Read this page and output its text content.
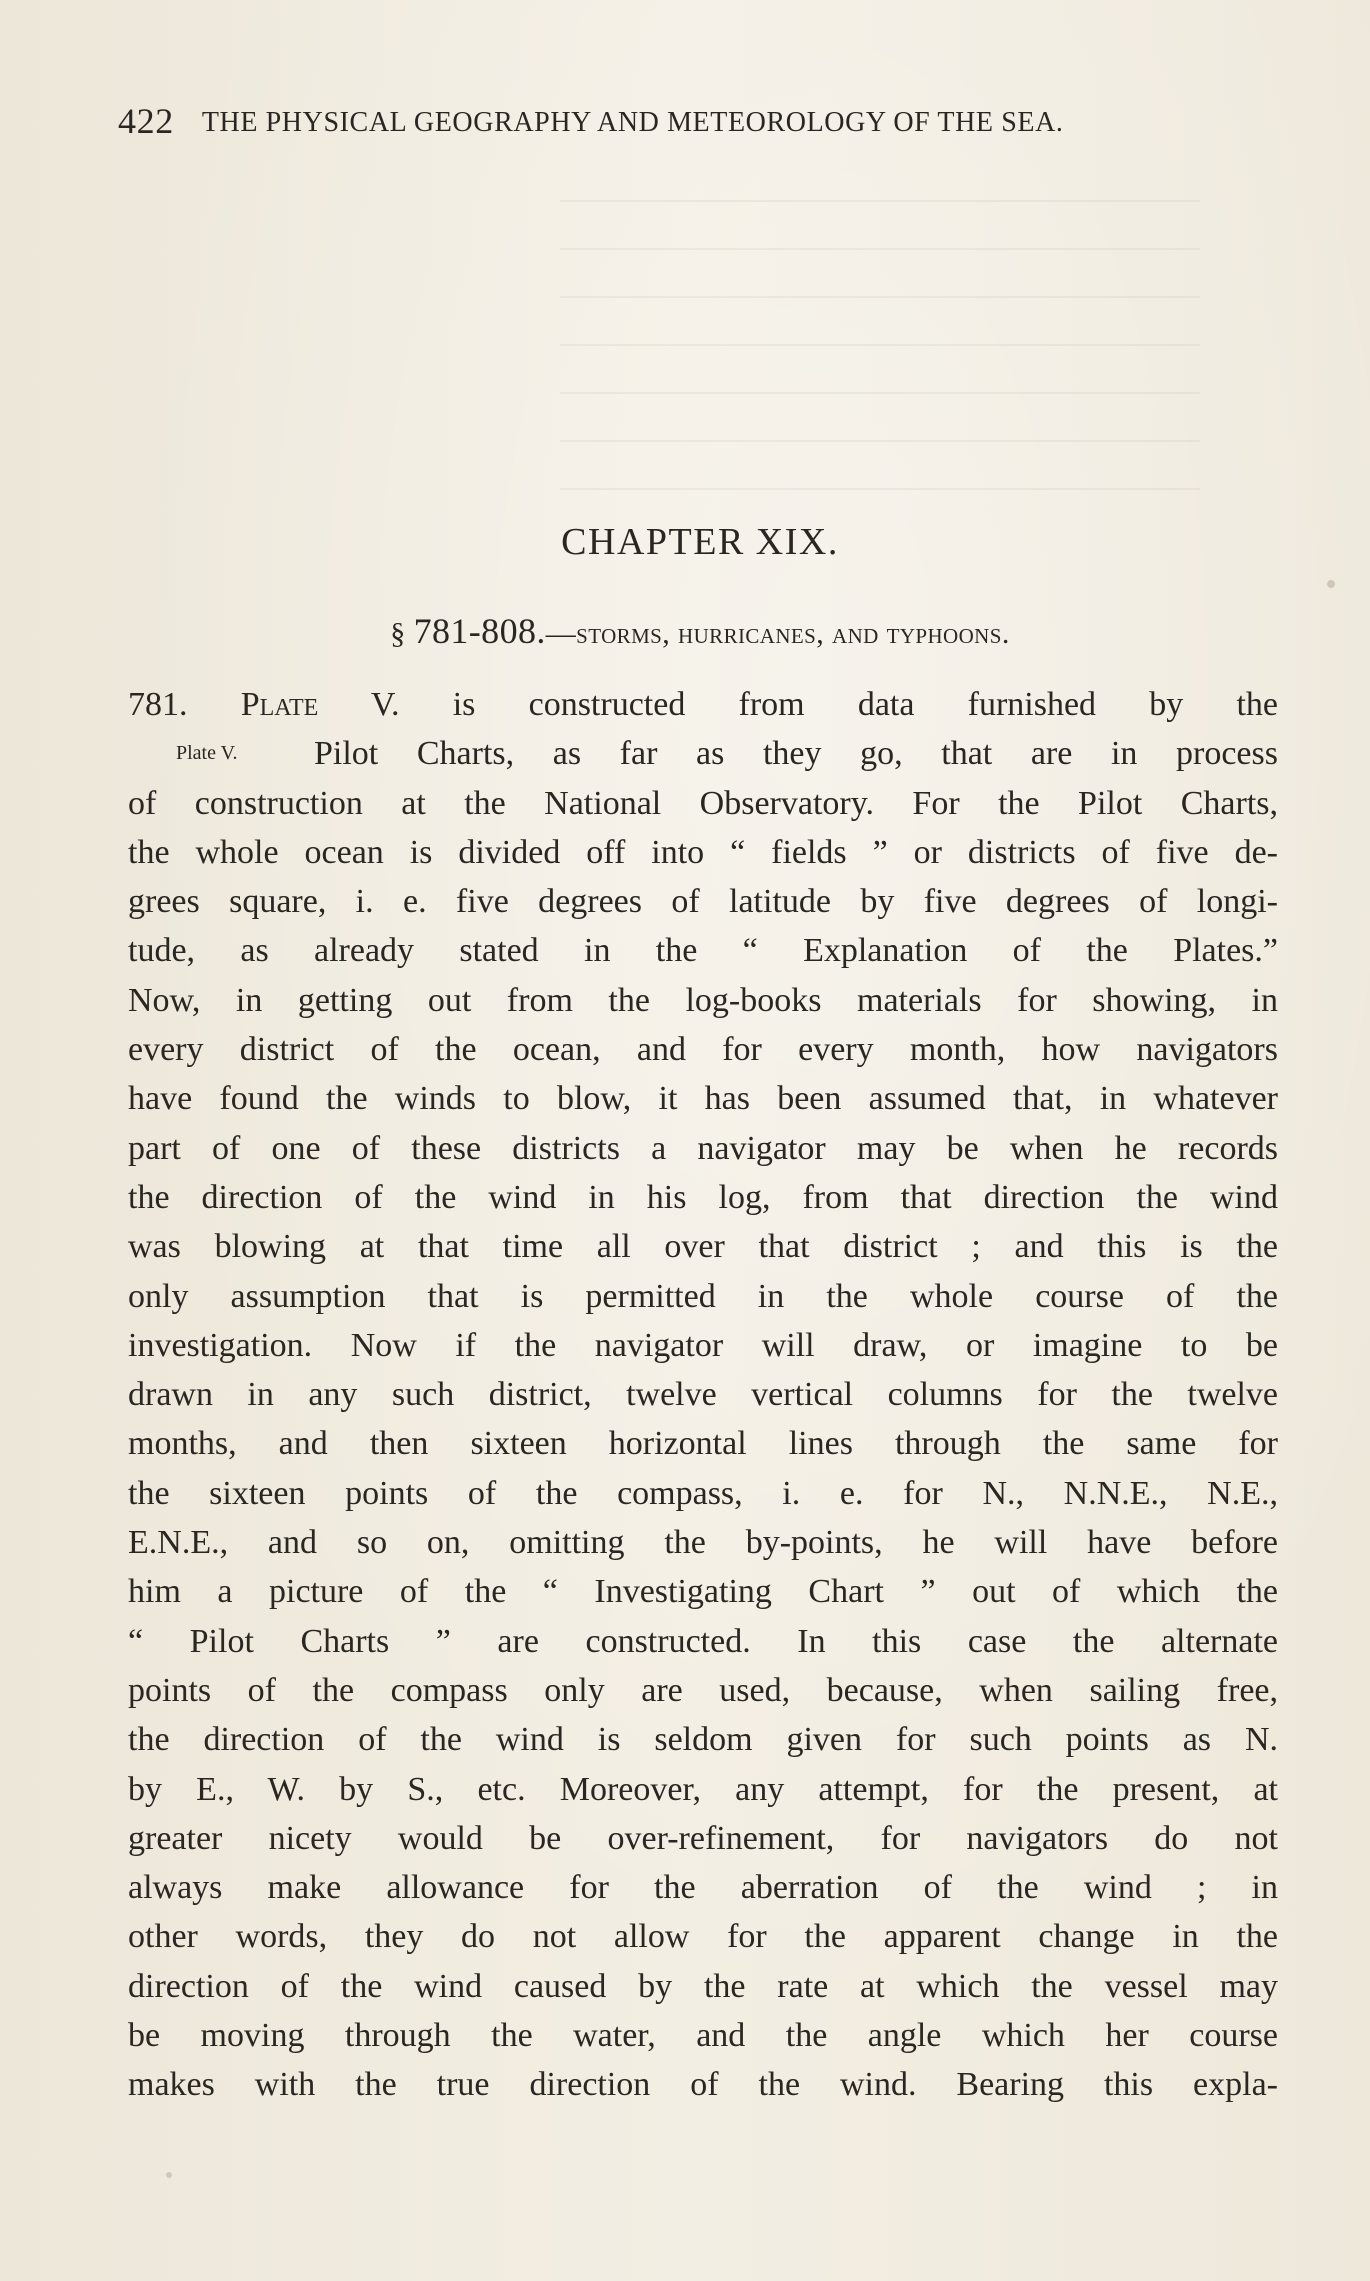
422 THE PHYSICAL GEOGRAPHY AND METEOROLOGY OF THE SEA.
CHAPTER XIX.
§ 781-808.—storms, hurricanes, and typhoons.
781. Plate V. is constructed from data furnished by the
Plate V.	Pilot Charts, as far as they go, that are in process
of construction at the National Observatory. For the Pilot Charts,
the whole ocean is divided off into “ fields ” or districts of five de-
grees square, i. e. five degrees of latitude by five degrees of longi-
tude, as already stated in the “ Explanation of the Plates.”
Now, in getting out from the log-books materials for showing, in
every district of the ocean, and for every month, how navigators
have found the winds to blow, it has been assumed that, in whatever
part of one of these districts a navigator may be when he records
the direction of the wind in his log, from that direction the wind
was blowing at that time all over that district ; and this is the
only assumption that is permitted in the whole course of the
investigation. Now if the navigator will draw, or imagine to be
drawn in any such district, twelve vertical columns for the twelve
months, and then sixteen horizontal lines through the same for
the sixteen points of the compass, i. e. for N., N.N.E., N.E.,
E.N.E., and so on, omitting the by-points, he will have before
him a picture of the “ Investigating Chart ” out of which the
“ Pilot Charts ” are constructed. In this case the alternate
points of the compass only are used, because, when sailing free,
the direction of the wind is seldom given for such points as N.
by E., W. by S., etc. Moreover, any attempt, for the present, at
greater nicety would be over-refinement, for navigators do not
always make allowance for the aberration of the wind ; in
other words, they do not allow for the apparent change in the
direction of the wind caused by the rate at which the vessel may
be moving through the water, and the angle which her course
makes with the true direction of the wind. Bearing this expla-
